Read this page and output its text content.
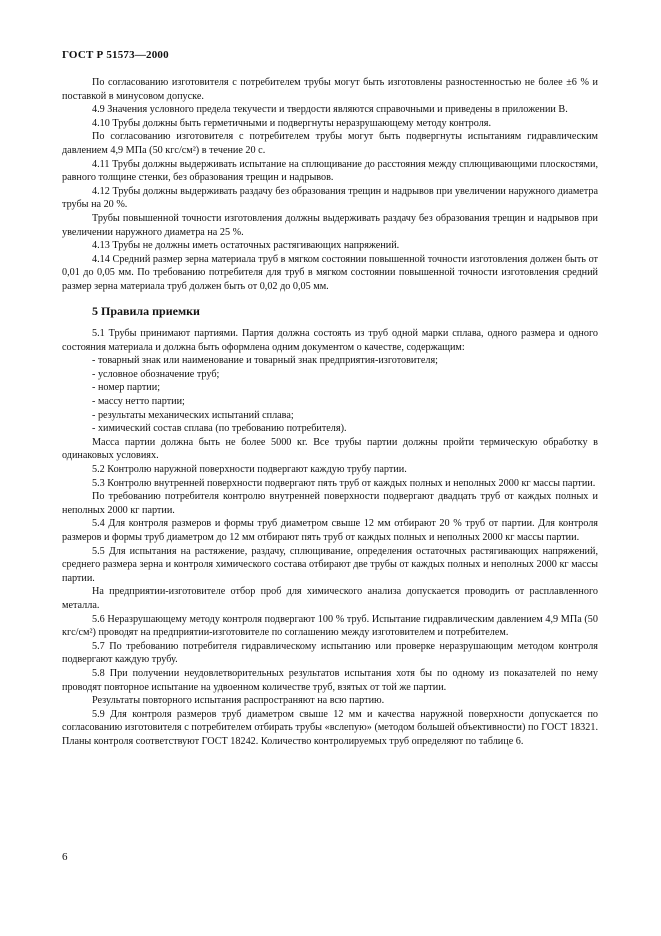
ГОСТ Р 51573—2000

По согласованию изготовителя с потребителем трубы могут быть изготовлены разностенностью не более ±6 % и поставкой в минусовом допуске.

4.9 Значения условного предела текучести и твердости являются справочными и приведены в приложении В.

4.10 Трубы должны быть герметичными и подвергнуты неразрушающему методу контроля.

По согласованию изготовителя с потребителем трубы могут быть подвергнуты испытаниям гидравлическим давлением 4,9 МПа (50 кгс/см²) в течение 20 с.

4.11 Трубы должны выдерживать испытание на сплющивание до расстояния между сплющивающими плоскостями, равного толщине стенки, без образования трещин и надрывов.

4.12 Трубы должны выдерживать раздачу без образования трещин и надрывов при увеличении наружного диаметра трубы на 20 %.

Трубы повышенной точности изготовления должны выдерживать раздачу без образования трещин и надрывов при увеличении наружного диаметра на 25 %.

4.13 Трубы не должны иметь остаточных растягивающих напряжений.

4.14 Средний размер зерна материала труб в мягком состоянии повышенной точности изготовления должен быть от 0,01 до 0,05 мм. По требованию потребителя для труб в мягком состоянии повышенной точности изготовления средний размер зерна материала труб должен быть от 0,02 до 0,05 мм.

5 Правила приемки

5.1 Трубы принимают партиями. Партия должна состоять из труб одной марки сплава, одного размера и одного состояния материала и должна быть оформлена одним документом о качестве, содержащим:

- товарный знак или наименование и товарный знак предприятия-изготовителя;

- условное обозначение труб;

- номер партии;

- массу нетто партии;

- результаты механических испытаний сплава;

- химический состав сплава (по требованию потребителя).

Масса партии должна быть не более 5000 кг. Все трубы партии должны пройти термическую обработку в одинаковых условиях.

5.2 Контролю наружной поверхности подвергают каждую трубу партии.

5.3 Контролю внутренней поверхности подвергают пять труб от каждых полных и неполных 2000 кг массы партии.

По требованию потребителя контролю внутренней поверхности подвергают двадцать труб от каждых полных и неполных 2000 кг партии.

5.4 Для контроля размеров и формы труб диаметром свыше 12 мм отбирают 20 % труб от партии. Для контроля размеров и формы труб диаметром до 12 мм отбирают пять труб от каждых полных и неполных 2000 кг массы партии.

5.5 Для испытания на растяжение, раздачу, сплющивание, определения остаточных растягивающих напряжений, среднего размера зерна и контроля химического состава отбирают две трубы от каждых полных и неполных 2000 кг массы партии.

На предприятии-изготовителе отбор проб для химического анализа допускается проводить от расплавленного металла.

5.6 Неразрушающему методу контроля подвергают 100 % труб. Испытание гидравлическим давлением 4,9 МПа (50 кгс/см²) проводят на предприятии-изготовителе по соглашению между изготовителем и потребителем.

5.7 По требованию потребителя гидравлическому испытанию или проверке неразрушающим методом контроля подвергают каждую трубу.

5.8 При получении неудовлетворительных результатов испытания хотя бы по одному из показателей по нему проводят повторное испытание на удвоенном количестве труб, взятых от той же партии.

Результаты повторного испытания распространяют на всю партию.

5.9 Для контроля размеров труб диаметром свыше 12 мм и качества наружной поверхности допускается по согласованию изготовителя с потребителем отбирать трубы «вслепую» (методом большей объективности) по ГОСТ 18321. Планы контроля соответствуют ГОСТ 18242. Количество контролируемых труб определяют по таблице 6.

6
